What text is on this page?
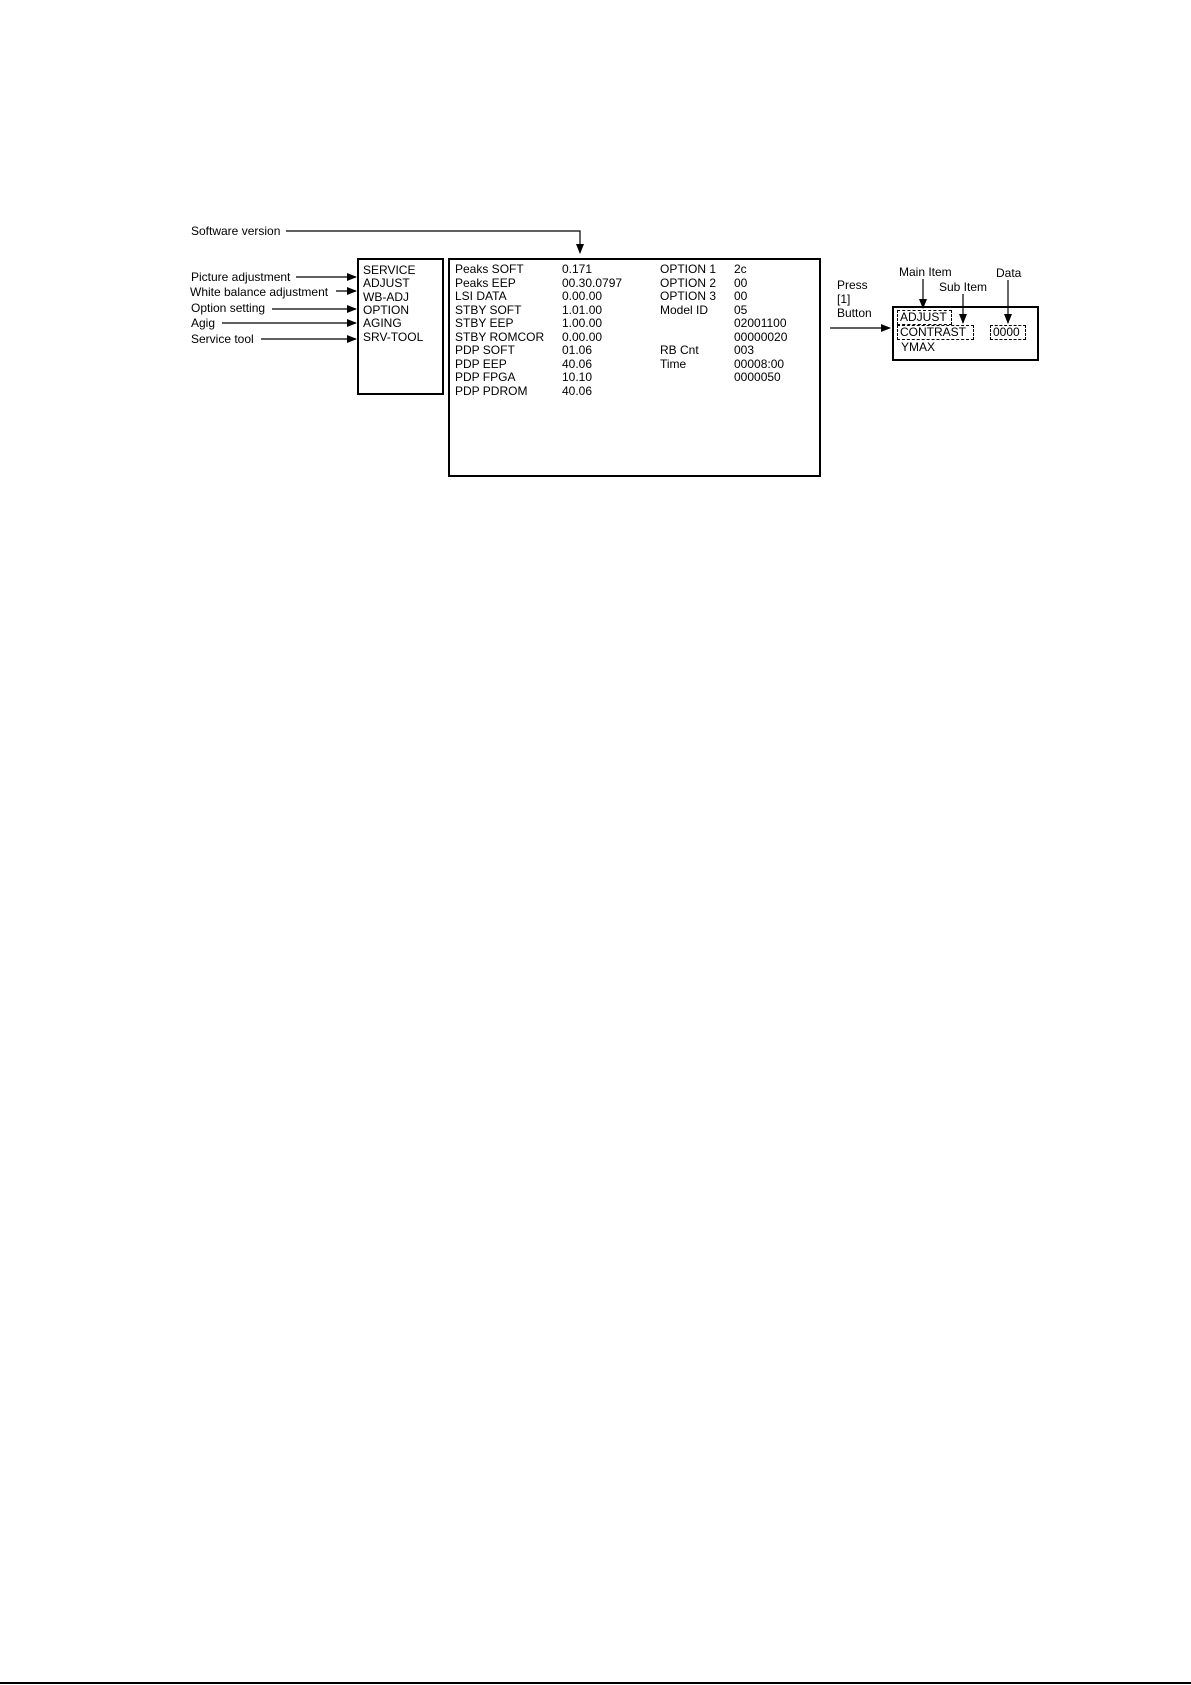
Software version
Picture adjustment
White balance adjustment
Option setting
Agig
Service tool
SERVICE
ADJUST
WB-ADJ
OPTION
AGING
SRV-TOOL
Peaks SOFT
Peaks EEP
LSI DATA
STBY SOFT
STBY EEP
STBY ROMCOR
PDP SOFT
PDP EEP
PDP FPGA
PDP PDROM
0.171
00.30.0797
0.00.00
1.01.00
1.00.00
0.00.00
01.06
40.06
10.10
40.06
OPTION 1
OPTION 2
OPTION 3
Model ID
RB Cnt
Time
2c
00
00
05
02001100
00000020
003
00008:00
0000050
Press
[1]
Button
Main Item
Sub Item
Data
ADJUST
CONTRAST 0000
YMAX
